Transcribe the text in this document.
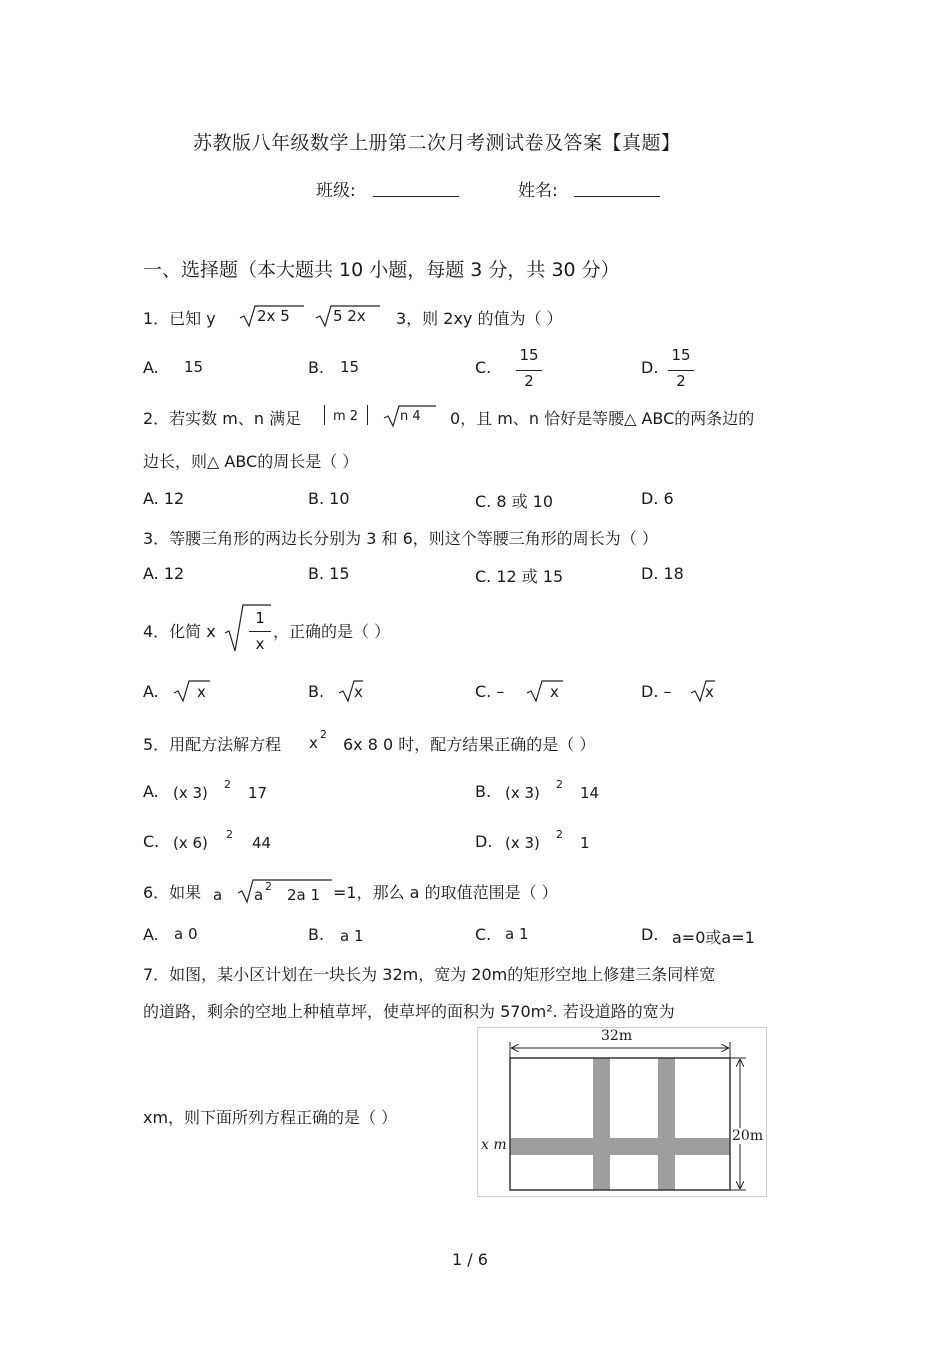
苏教版八年级数学上册第二次月考测试卷及答案【真题】
班级:	姓名:
一、选择题（本大题共 10 小题，每题 3 分，共 30 分）
1．已知 y	2x 5	5 2x 3，则 2xy 的值为（ ）
A. 15	B. 15	C.
15
2
D.
15
2
2．若实数 m、n 满足 m 2	n 4 0，且 m、n 恰好是等腰△ ABC的两条边的
边长，则△ ABC的周长是（ ）
A. 12	B. 10	C. 8 或 10	D. 6
3．等腰三角形的两边长分别为 3 和 6，则这个等腰三角形的周长为（ ）
A. 12	B. 15	C. 12 或 15	D. 18
4．化简 x
1
x
，正确的是（ ）
A.	x	B. x	C. –	x	D. – x
5．用配方法解方程 x 2
6x 8 0 时，配方结果正确的是（ ）
A. (x 3) 2 17	B. (x 3) 2 14
C. (x 6) 2 44	D. (x 3) 2 1
6．如果 a a 2 2a 1 =1，那么 a 的取值范围是（ ）
A. a 0	B. a 1	C. a 1	D. a=0或a=1
7．如图，某小区计划在一块长为 32m，宽为 20m的矩形空地上修建三条同样宽
的道路，剩余的空地上种植草坪，使草坪的面积为 570m². 若设道路的宽为
xm，则下面所列方程正确的是（ ）
32m
20m
x m
1 / 6
